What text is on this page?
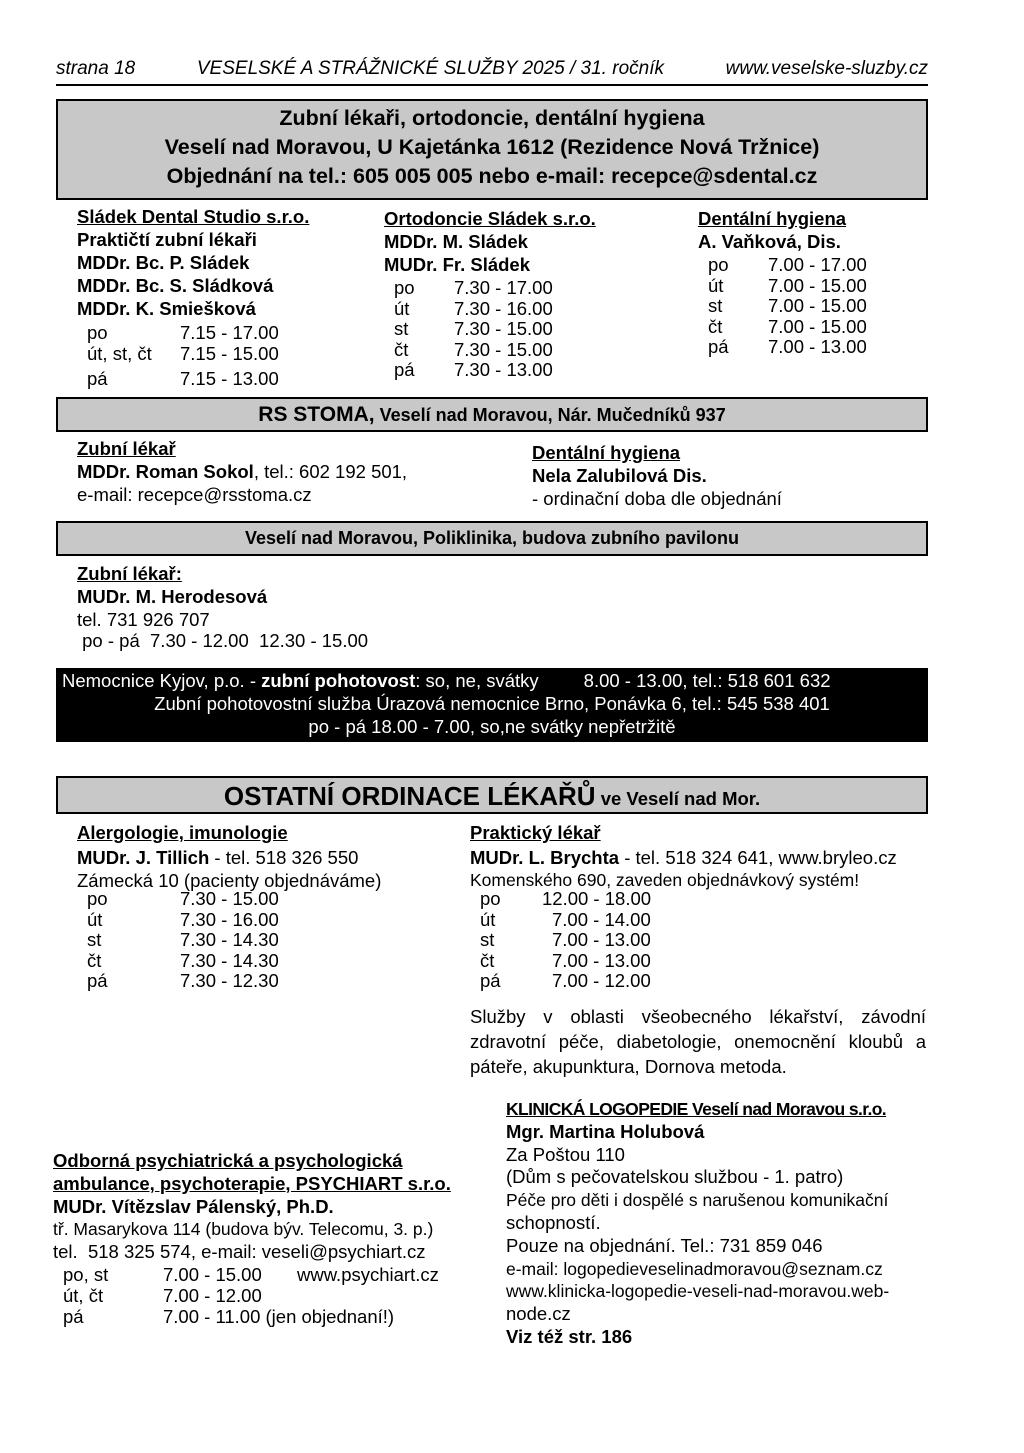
strana 18	VESELSKÉ A STRÁŽNICKÉ SLUŽBY 2025 / 31. ročník	www.veselske-sluzby.cz
Zubní lékaři, ortodoncie, dentální hygiena
Veselí nad Moravou, U Kajetánka 1612 (Rezidence Nová Tržnice)
Objednání na tel.: 605 005 005 nebo e-mail: recepce@sdental.cz
Sládek Dental Studio s.r.o.
Praktičtí zubní lékaři
MDDr. Bc. P. Sládek
MDDr. Bc. S. Sládková
MDDr. K. Smiešková
po	7.15 - 17.00
út, st, čt	7.15 - 15.00
pá	7.15 - 13.00
Ortodoncie Sládek s.r.o.
MDDr. M. Sládek
MUDr. Fr. Sládek
po	7.30 - 17.00
út	7.30 - 16.00
st	7.30 - 15.00
čt	7.30 - 15.00
pá	7.30 - 13.00
Dentální hygiena
A. Vaňková, Dis.
po	7.00 - 17.00
út	7.00 - 15.00
st	7.00 - 15.00
čt	7.00 - 15.00
pá	7.00 - 13.00
RS STOMA, Veselí nad Moravou, Nár. Mučedníků 937
Zubní lékař
MDDr. Roman Sokol, tel.: 602 192 501,
e-mail: recepce@rsstoma.cz
Dentální hygiena
Nela Zalubilová Dis.
- ordinační doba dle objednání
Veselí nad Moravou, Poliklinika, budova zubního pavilonu
Zubní lékař:
MUDr. M. Herodesová
tel. 731 926 707
po - pá  7.30 - 12.00  12.30 - 15.00
Nemocnice Kyjov, p.o. - zubní pohotovost: so, ne, svátky 8.00 - 13.00, tel.: 518 601 632
Zubní pohotovostní služba Úrazová nemocnice Brno, Ponávka 6, tel.: 545 538 401
po - pá 18.00 - 7.00, so,ne svátky nepřetržitě
OSTATNÍ ORDINACE LÉKAŘŮ ve Veselí nad Mor.
Alergologie, imunologie
MUDr. J. Tillich - tel. 518 326 550
Zámecká 10 (pacienty objednáváme)
po	7.30 - 15.00
út	7.30 - 16.00
st	7.30 - 14.30
čt	7.30 - 14.30
pá	7.30 - 12.30
Praktický lékař
MUDr. L. Brychta - tel. 518 324 641, www.bryleo.cz
Komenského 690, zaveden objednávkový systém!
po	12.00 - 18.00
út	7.00 - 14.00
st	7.00 - 13.00
čt	7.00 - 13.00
pá	7.00 - 12.00
Služby v oblasti všeobecného lékařství, závodní zdravotní péče, diabetologie, onemocnění kloubů a páteře, akupunktura, Dornova metoda.
KLINICKÁ LOGOPEDIE Veselí nad Moravou s.r.o.
Mgr. Martina Holubová
Za Poštou 110
(Dům s pečovatelskou službou - 1. patro)
Péče pro děti i dospělé s narušenou komunikační
schopností.
Pouze na objednání. Tel.: 731 859 046
e-mail: logopedieveselinadmoravou@seznam.cz
www.klinicka-logopedie-veseli-nad-moravou.web-
node.cz
Viz též str. 186
Odborná psychiatrická a psychologická
ambulance, psychoterapie, PSYCHIART s.r.o.
MUDr. Vítězslav Pálenský, Ph.D.
tř. Masarykova 114 (budova býv. Telecomu, 3. p.)
tel.  518 325 574, e-mail: veseli@psychiart.cz
po, st	7.00 - 15.00	www.psychiart.cz
út, čt	7.00 - 12.00
pá	7.00 - 11.00 (jen objednaní!)
